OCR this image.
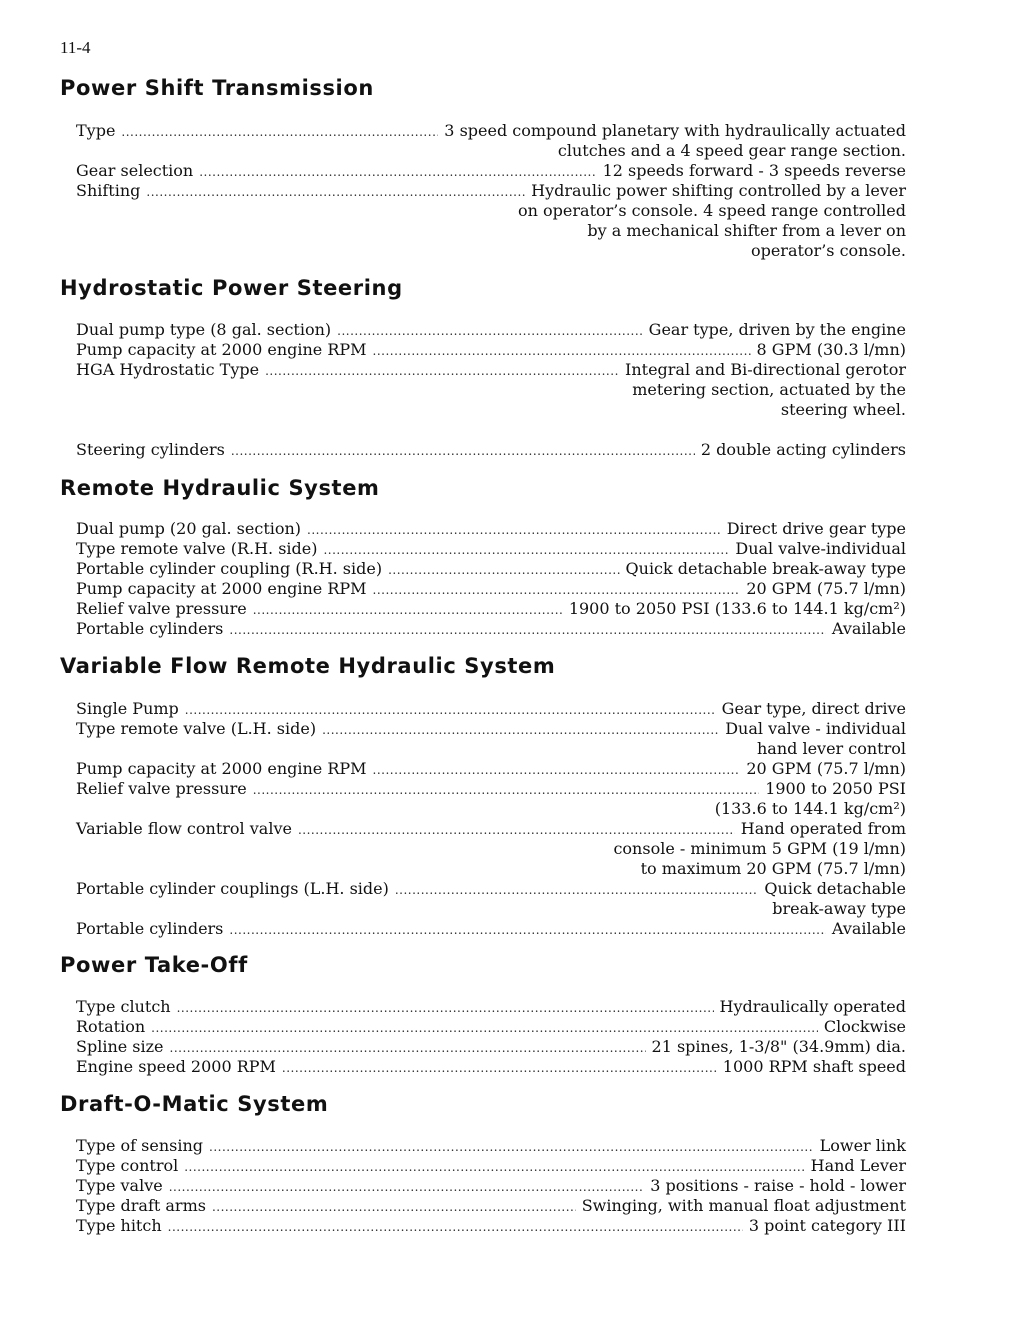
11-4
Power Shift Transmission
Type .....	3 speed compound planetary with hydraulically actuated
clutches and a 4 speed gear range section.
Gear selection .....	12 speeds forward - 3 speeds reverse
Shifting .....	Hydraulic power shifting controlled by a lever
on operator’s console. 4 speed range controlled
by a mechanical shifter from a lever on
operator’s console.
Hydrostatic Power Steering
Dual pump type (8 gal. section) .....	Gear type, driven by the engine
Pump capacity at 2000 engine RPM .....	8 GPM (30.3 l/mn)
HGA Hydrostatic Type .....	Integral and Bi-directional gerotor
metering section, actuated by the
steering wheel.
Steering cylinders .....	2 double acting cylinders
Remote Hydraulic System
Dual pump (20 gal. section) .....	Direct drive gear type
Type remote valve (R.H. side) .....	Dual valve-individual
Portable cylinder coupling (R.H. side) .....	Quick detachable break-away type
Pump capacity at 2000 engine RPM .....	20 GPM (75.7 l/mn)
Relief valve pressure .....	1900 to 2050 PSI (133.6 to 144.1 kg/cm²)
Portable cylinders .....	Available
Variable Flow Remote Hydraulic System
Single Pump .....	Gear type, direct drive
Type remote valve (L.H. side) .....	Dual valve - individual
hand lever control
Pump capacity at 2000 engine RPM .....	20 GPM (75.7 l/mn)
Relief valve pressure .....	1900 to 2050 PSI
(133.6 to 144.1 kg/cm²)
Variable flow control valve .....	Hand operated from
console - minimum 5 GPM (19 l/mn)
to maximum 20 GPM (75.7 l/mn)
Portable cylinder couplings (L.H. side) .....	Quick detachable
break-away type
Portable cylinders .....	Available
Power Take-Off
Type clutch .....	Hydraulically operated
Rotation .....	Clockwise
Spline size .....	21 spines, 1-3/8" (34.9mm) dia.
Engine speed 2000 RPM .....	1000 RPM shaft speed
Draft-O-Matic System
Type of sensing .....	Lower link
Type control .....	Hand Lever
Type valve .....	3 positions - raise - hold - lower
Type draft arms .....	Swinging, with manual float adjustment
Type hitch .....	3 point category III
